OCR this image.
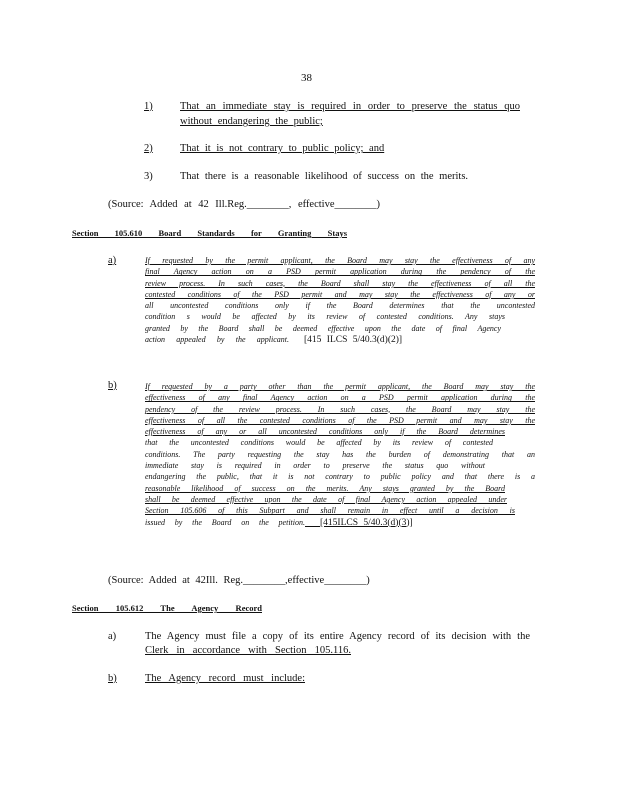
38
1)	That an immediate stay is required in order to preserve the status quo
without endangering the public;
2)	That it is not contrary to public policy; and
3)	That there is a reasonable likelihood of success on the merits.
(Source: Added at 42 Ill.Reg.________, effective________)
Section 105.610 Board Standards for Granting Stays
a)	If requested by the permit applicant, the Board may stay the effectiveness of any
final Agency action on a PSD permit application during the pendency of the
review process. In such cases, the Board shall stay the effectiveness of all the
contested conditions of the PSD permit and may stay the effectiveness of any or
all uncontested conditions only if the Board determines that the uncontested
condition s would be affected by its review of contested conditions. Any stays
granted by the Board shall be deemed effective upon the date of final Agency
action appealed by the applicant. [415 ILCS 5/40.3(d)(2)]
b)	If requested by a party other than the permit applicant, the Board may stay the
effectiveness of any final Agency action on a PSD permit application during the
pendency of the review process. In such cases, the Board may stay the
effectiveness of all the contested conditions of the PSD permit and may stay the
effectiveness of any or all uncontested conditions only if the Board determines
that the uncontested conditions would be affected by its review of contested
conditions. The party requesting the stay has the burden of demonstrating that an
immediate stay is required in order to preserve the status quo without
endangering the public, that it is not contrary to public policy and that there is a
reasonable likelihood of success on the merits. Any stays granted by the Board
shall be deemed effective upon the date of final Agency action appealed under
Section 105.606 of this Subpart and shall remain in effect until a decision is
issued by the Board on the petition. [415ILCS 5/40.3(d)(3)]
(Source: Added at 42Ill. Reg.________,effective________)
Section 105.612 The Agency Record
a)	The Agency must file a copy of its entire Agency record of its decision with the
Clerk in accordance with Section 105.116.
b)	The Agency record must include:
